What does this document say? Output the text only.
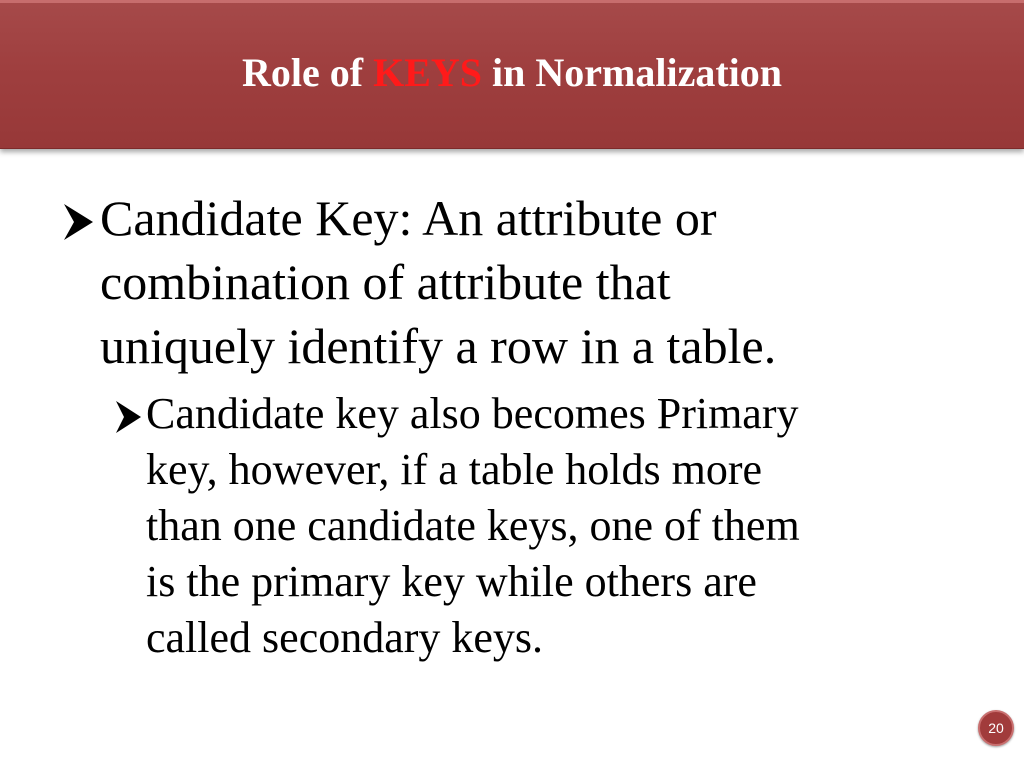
Role of KEYS in Normalization
Candidate Key: An attribute or
combination of attribute that
uniquely identify a row in a table.
Candidate key also becomes Primary
key, however, if a table holds more
than one candidate keys, one of them
is the primary key while others are
called secondary keys.
20
